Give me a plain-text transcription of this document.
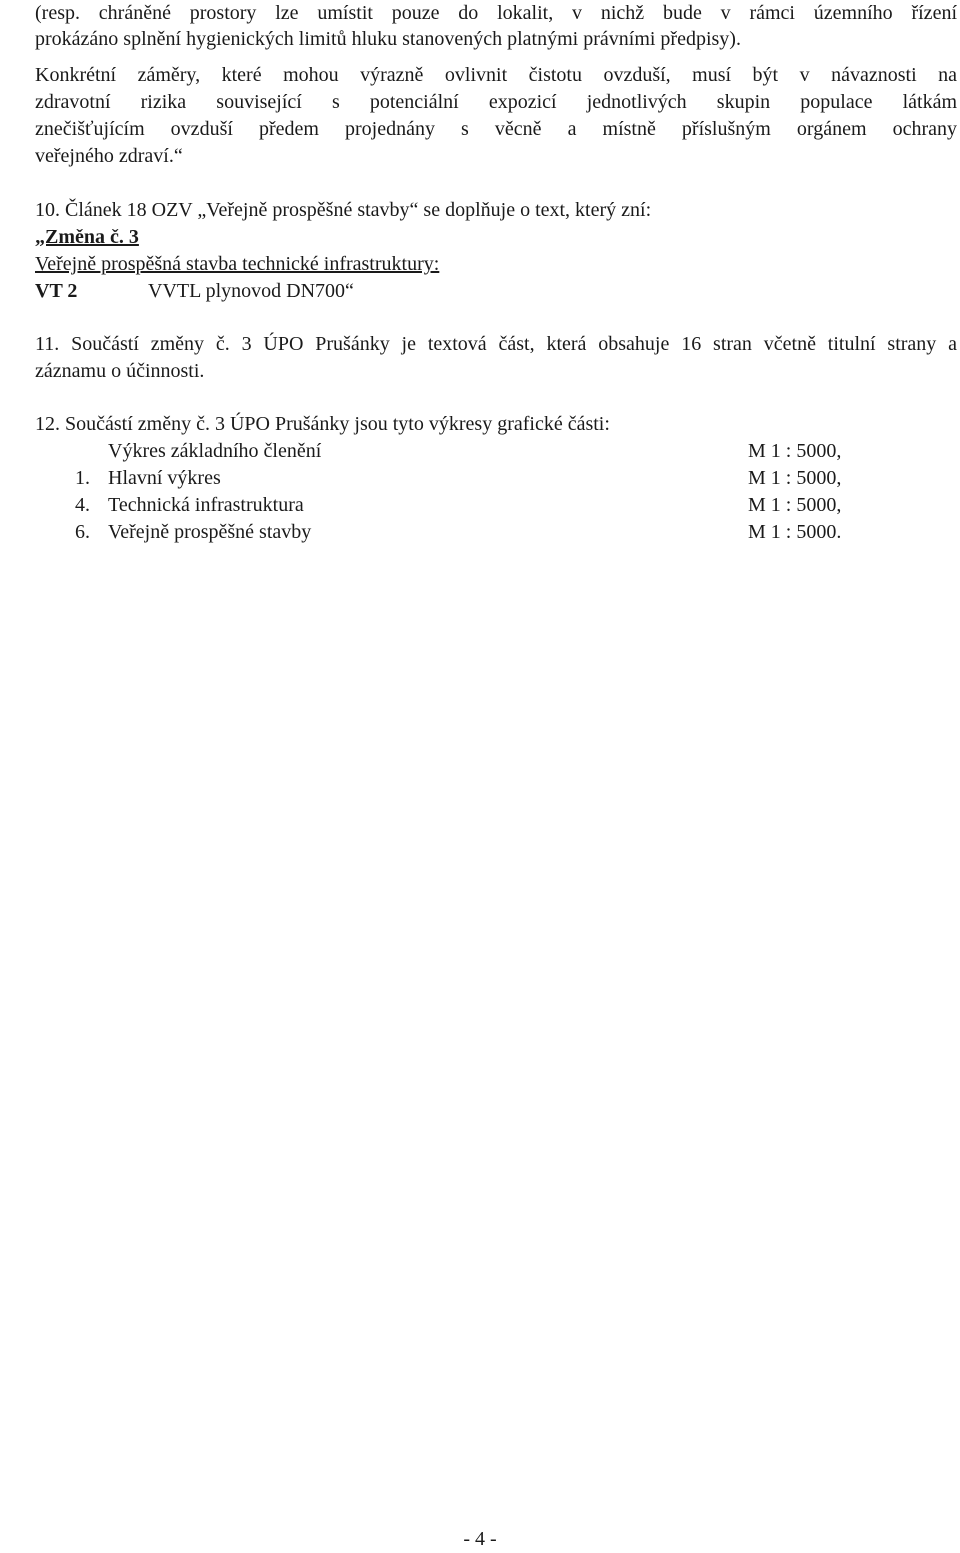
(resp. chráněné prostory lze umístit pouze do lokalit, v nichž bude v rámci územního řízení
prokázáno splnění hygienických limitů hluku stanovených platnými právními předpisy).
Konkrétní záměry, které mohou výrazně ovlivnit čistotu ovzduší, musí být v návaznosti na
zdravotní rizika související s potenciální expozicí jednotlivých skupin populace látkám
znečišťujícím ovzduší předem projednány s věcně a místně příslušným orgánem ochrany
veřejného zdraví.“
10. Článek 18 OZV „Veřejně prospěšné stavby“ se doplňuje o text, který zní:
„Změna č. 3
Veřejně prospěšná stavba technické infrastruktury:
VT 2	VVTL plynovod DN700“
11. Součástí změny č. 3 ÚPO Prušánky je textová část, která obsahuje 16 stran včetně titulní strany a
záznamu o účinnosti.
12. Součástí změny č. 3 ÚPO Prušánky jsou tyto výkresy grafické části:
Výkres základního členění	M 1 : 5000,
1. Hlavní výkres	M 1 : 5000,
4. Technická infrastruktura	M 1 : 5000,
6. Veřejně prospěšné stavby	M 1 : 5000.
- 4 -
